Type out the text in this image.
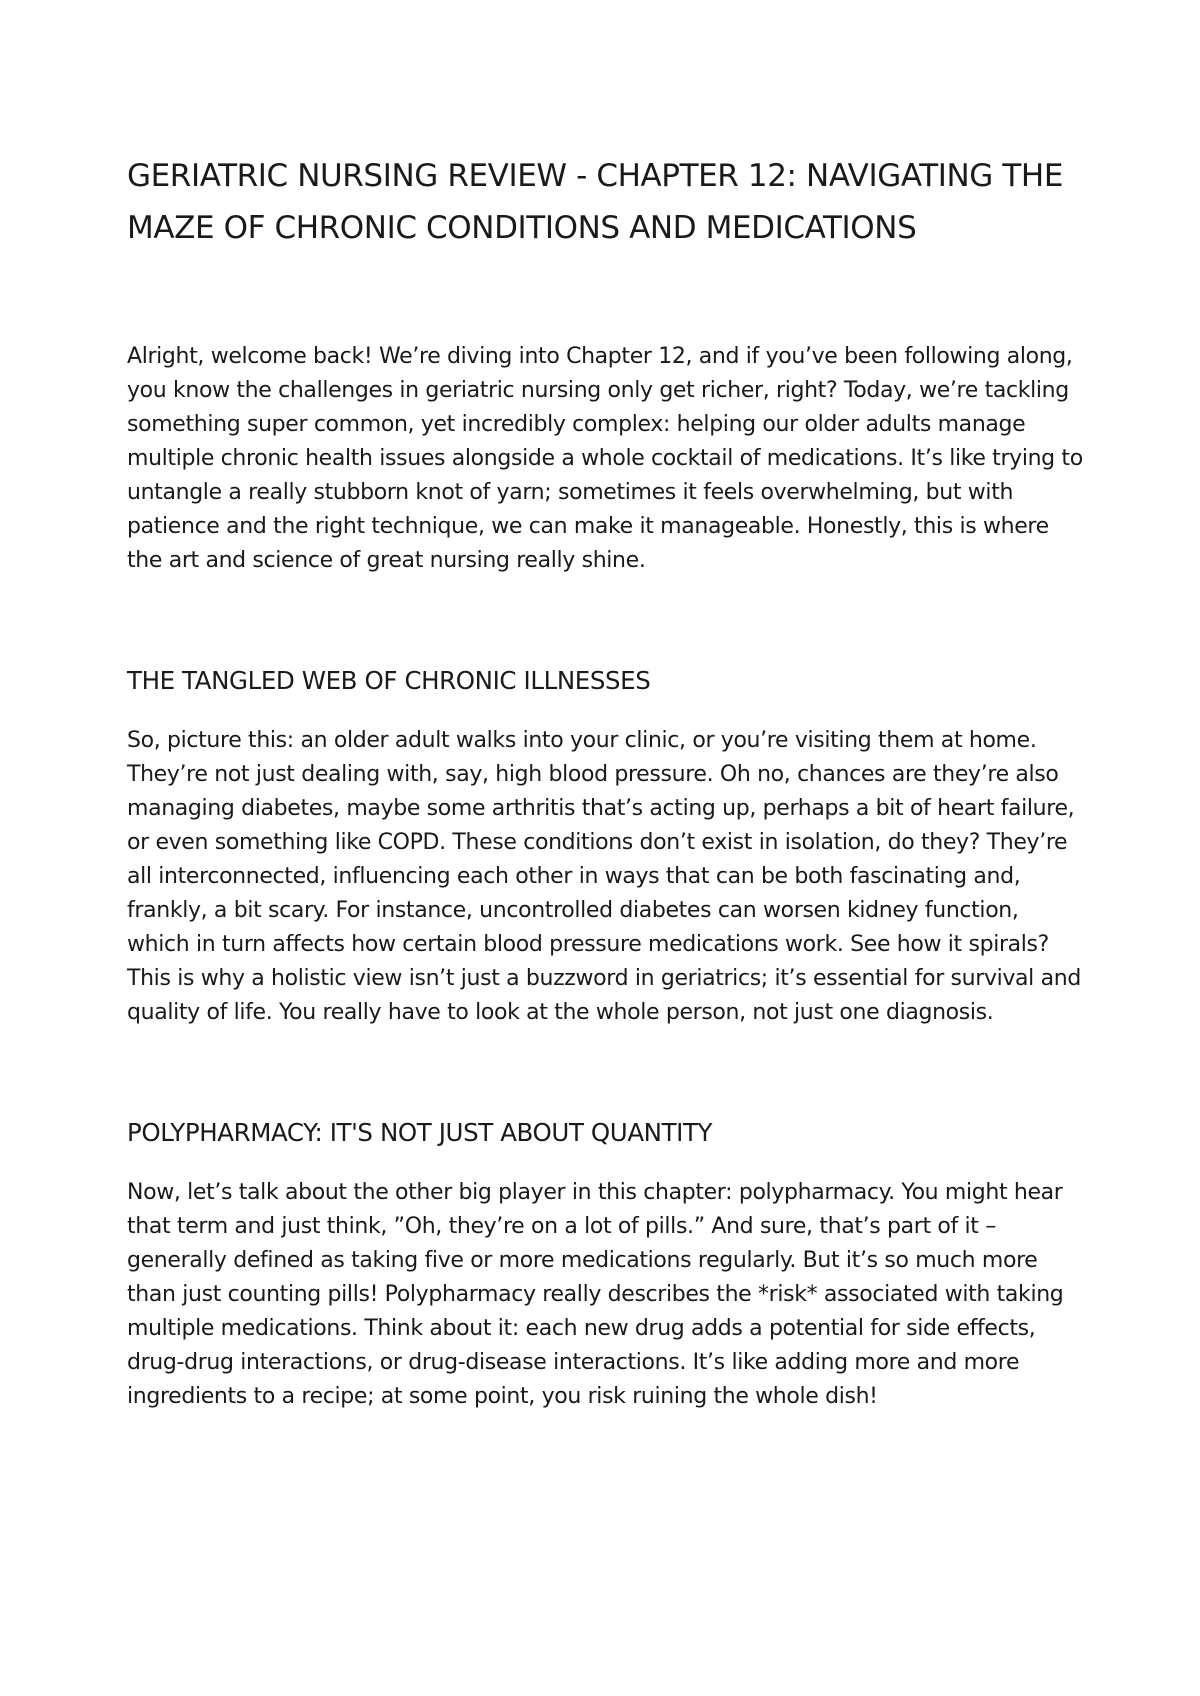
GERIATRIC NURSING REVIEW - CHAPTER 12: NAVIGATING THE MAZE OF CHRONIC CONDITIONS AND MEDICATIONS

Alright, welcome back! We’re diving into Chapter 12, and if you’ve been following along, you know the challenges in geriatric nursing only get richer, right? Today, we’re tackling something super common, yet incredibly complex: helping our older adults manage multiple chronic health issues alongside a whole cocktail of medications. It’s like trying to untangle a really stubborn knot of yarn; sometimes it feels overwhelming, but with patience and the right technique, we can make it manageable. Honestly, this is where the art and science of great nursing really shine.

THE TANGLED WEB OF CHRONIC ILLNESSES

So, picture this: an older adult walks into your clinic, or you’re visiting them at home. They’re not just dealing with, say, high blood pressure. Oh no, chances are they’re also managing diabetes, maybe some arthritis that’s acting up, perhaps a bit of heart failure, or even something like COPD. These conditions don’t exist in isolation, do they? They’re all interconnected, influencing each other in ways that can be both fascinating and, frankly, a bit scary. For instance, uncontrolled diabetes can worsen kidney function, which in turn affects how certain blood pressure medications work. See how it spirals? This is why a holistic view isn’t just a buzzword in geriatrics; it’s essential for survival and quality of life. You really have to look at the whole person, not just one diagnosis.

POLYPHARMACY: IT'S NOT JUST ABOUT QUANTITY

Now, let’s talk about the other big player in this chapter: polypharmacy. You might hear that term and just think, ”Oh, they’re on a lot of pills.” And sure, that’s part of it – generally defined as taking five or more medications regularly. But it’s so much more than just counting pills! Polypharmacy really describes the *risk* associated with taking multiple medications. Think about it: each new drug adds a potential for side effects, drug-drug interactions, or drug-disease interactions. It’s like adding more and more ingredients to a recipe; at some point, you risk ruining the whole dish!
